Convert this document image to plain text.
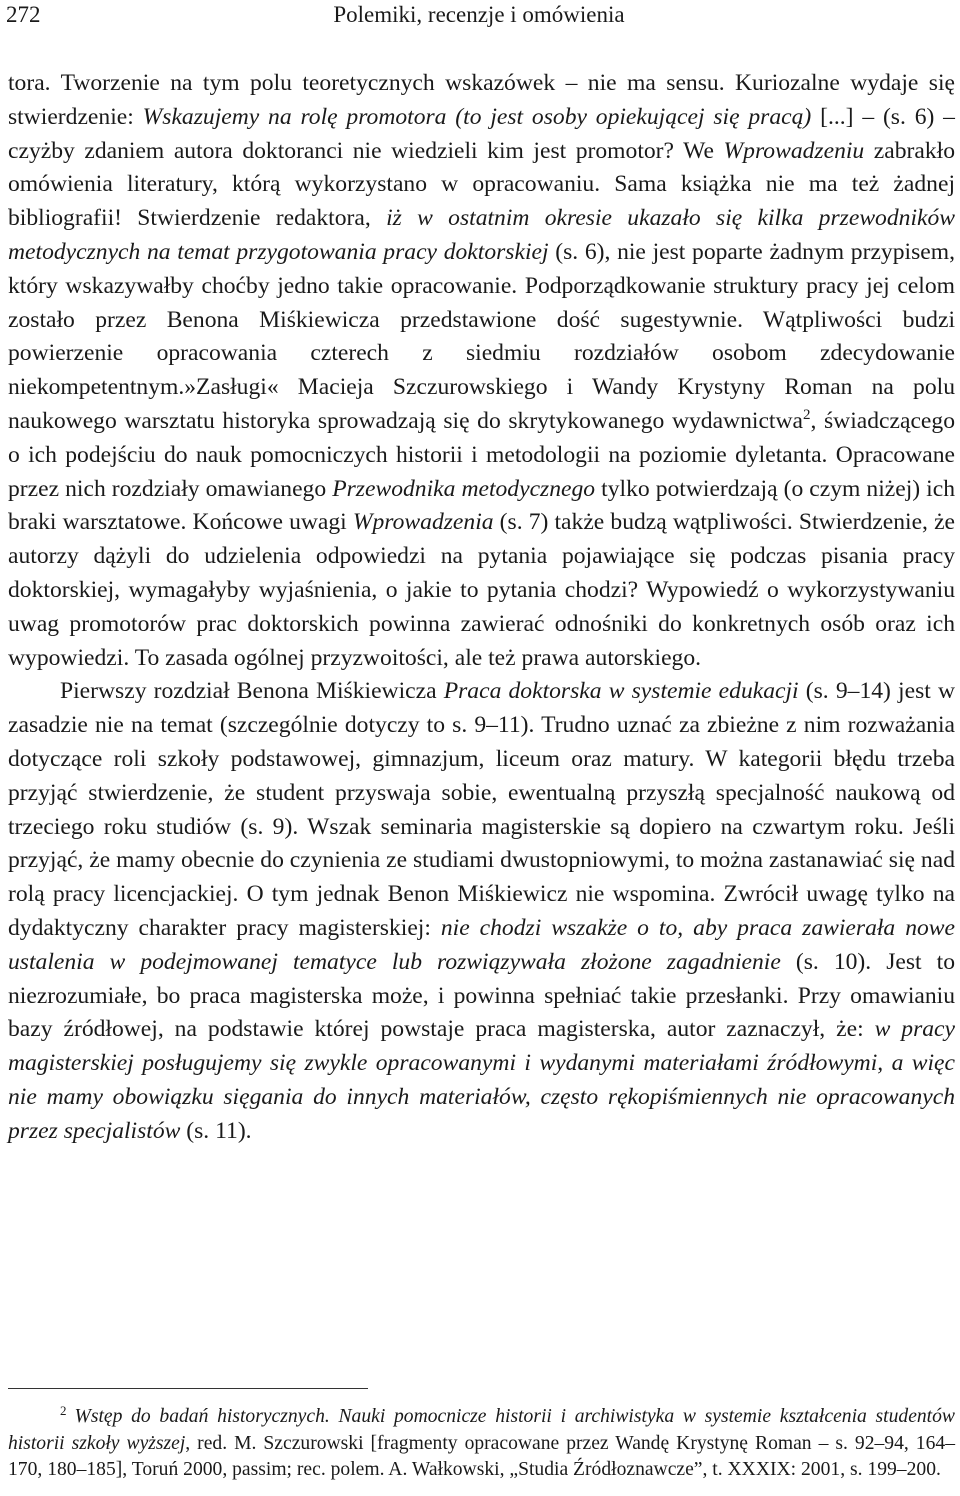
272	Polemiki, recenzje i omówienia

tora. Tworzenie na tym polu teoretycznych wskazówek – nie ma sensu. Kuriozalne wydaje się stwierdzenie: Wskazujemy na rolę promotora (to jest osoby opiekującej się pracą) [...] – (s. 6) – czyżby zdaniem autora doktoranci nie wiedzieli kim jest promotor? We Wprowadzeniu zabrakło omówienia literatury, którą wykorzystano w opracowaniu. Sama książka nie ma też żadnej bibliografii! Stwierdzenie redaktora, iż w ostatnim okresie ukazało się kilka przewodników metodycznych na temat przygotowania pracy doktorskiej (s. 6), nie jest poparte żadnym przypisem, który wskazywałby choćby jedno takie opracowanie. Podporządkowanie struktury pracy jej celom zostało przez Benona Miśkiewicza przedstawione dość sugestywnie. Wątpliwości budzi powierzenie opracowania czterech z siedmiu rozdziałów osobom zdecydowanie niekompetentnym.»Zasługi« Macieja Szczurowskiego i Wandy Krystyny Roman na polu naukowego warsztatu historyka sprowadzają się do skrytykowanego wydawnictwa$^2$, świadczącego o ich podejściu do nauk pomocniczych historii i metodologii na poziomie dyletanta. Opracowane przez nich rozdziały omawianego Przewodnika metodycznego tylko potwierdzają (o czym niżej) ich braki warsztatowe. Końcowe uwagi Wprowadzenia (s. 7) także budzą wątpliwości. Stwierdzenie, że autorzy dążyli do udzielenia odpowiedzi na pytania pojawiające się podczas pisania pracy doktorskiej, wymagałyby wyjaśnienia, o jakie to pytania chodzi? Wypowiedź o wykorzystywaniu uwag promotorów prac doktorskich powinna zawierać odnośniki do konkretnych osób oraz ich wypowiedzi. To zasada ogólnej przyzwoitości, ale też prawa autorskiego.

Pierwszy rozdział Benona Miśkiewicza Praca doktorska w systemie edukacji (s. 9–14) jest w zasadzie nie na temat (szczególnie dotyczy to s. 9–11). Trudno uznać za zbieżne z nim rozważania dotyczące roli szkoły podstawowej, gimnazjum, liceum oraz matury. W kategorii błędu trzeba przyjąć stwierdzenie, że student przyswaja sobie, ewentualną przyszłą specjalność naukową od trzeciego roku studiów (s. 9). Wszak seminaria magisterskie są dopiero na czwartym roku. Jeśli przyjąć, że mamy obecnie do czynienia ze studiami dwustopniowymi, to można zastanawiać się nad rolą pracy licencjackiej. O tym jednak Benon Miśkiewicz nie wspomina. Zwrócił uwagę tylko na dydaktyczny charakter pracy magisterskiej: nie chodzi wszakże o to, aby praca zawierała nowe ustalenia w podejmowanej tematyce lub rozwiązywała złożone zagadnienie (s. 10). Jest to niezrozumiałe, bo praca magisterska może, i powinna spełniać takie przesłanki. Przy omawianiu bazy źródłowej, na podstawie której powstaje praca magisterska, autor zaznaczył, że: w pracy magisterskiej posługujemy się zwykle opracowanymi i wydanymi materiałami źródłowymi, a więc nie mamy obowiązku sięgania do innych materiałów, często rękopiśmiennych nie opracowanych przez specjalistów (s. 11).

$^2$ Wstęp do badań historycznych. Nauki pomocnicze historii i archiwistyka w systemie kształcenia studentów historii szkoły wyższej, red. M. Szczurowski [fragmenty opracowane przez Wandę Krystynę Roman – s. 92–94, 164–170, 180–185], Toruń 2000, passim; rec. polem. A. Wałkowski, „Studia Źródłoznawcze”, t. XXXIX: 2001, s. 199–200.
